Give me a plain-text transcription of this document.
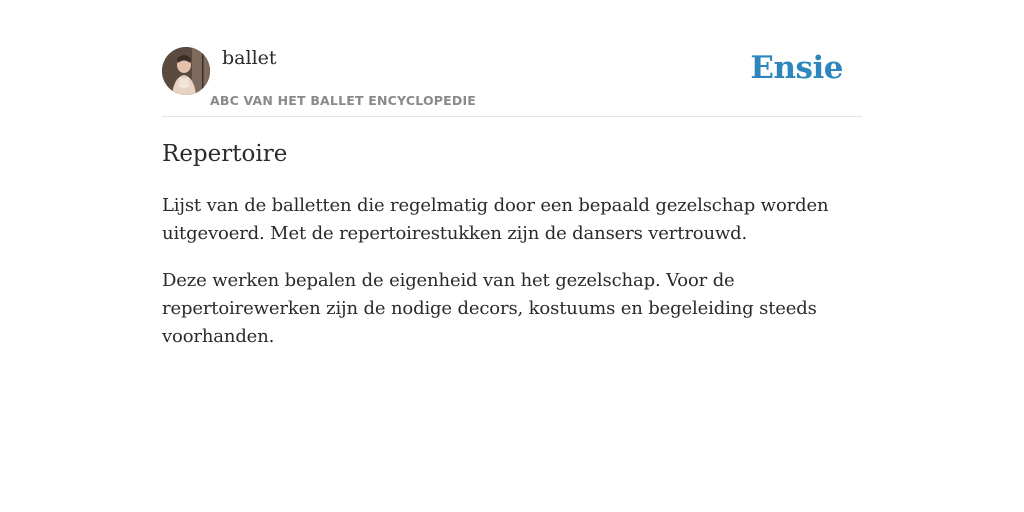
ballet
ABC VAN HET BALLET ENCYCLOPEDIE
Ensie
Repertoire

Lijst van de balletten die regelmatig door een bepaald gezelschap worden uitgevoerd. Met de repertoirestukken zijn de dansers vertrouwd.

Deze werken bepalen de eigenheid van het gezelschap. Voor de repertoirewerken zijn de nodige decors, kostuums en begeleiding steeds voorhanden.
